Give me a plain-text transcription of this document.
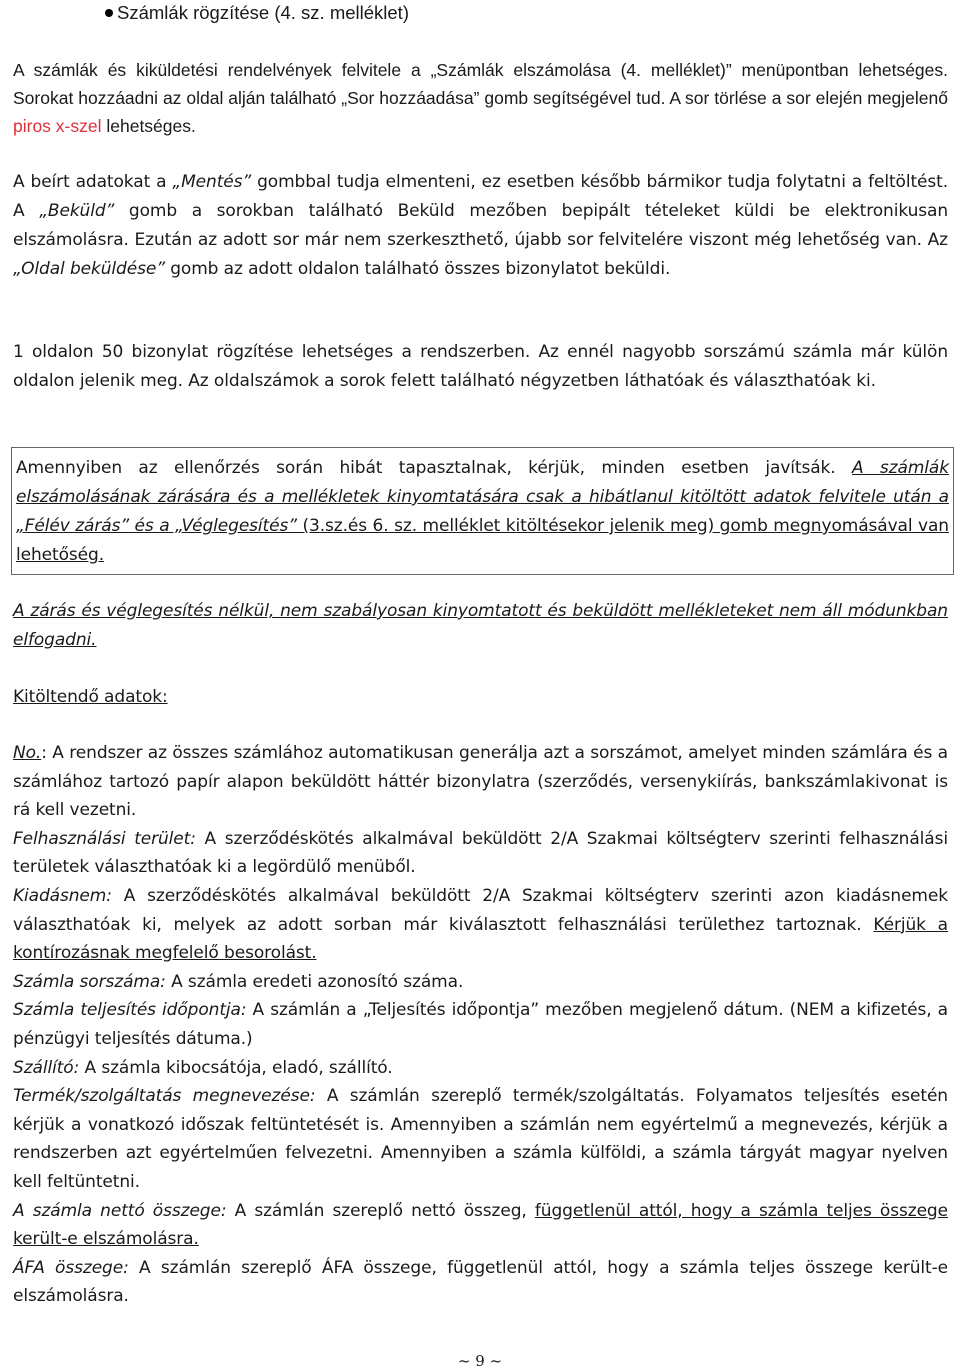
Számlák rögzítése (4. sz. melléklet)
A számlák és kiküldetési rendelvények felvitele a „Számlák elszámolása (4. melléklet)” menüpontban lehetséges. Sorokat hozzáadni az oldal alján található „Sor hozzáadása” gomb segítségével tud. A sor törlése a sor elején megjelenő piros x-szel lehetséges.
A beírt adatokat a „Mentés” gombbal tudja elmenteni, ez esetben később bármikor tudja folytatni a feltöltést. A „Beküld” gomb a sorokban található Beküld mezőben bepipált tételeket küldi be elektronikusan elszámolásra. Ezután az adott sor már nem szerkeszthető, újabb sor felvitelére viszont még lehetőség van. Az „Oldal beküldése” gomb az adott oldalon található összes bizonylatot beküldi.
1 oldalon 50 bizonylat rögzítése lehetséges a rendszerben. Az ennél nagyobb sorszámú számla már külön oldalon jelenik meg. Az oldalszámok a sorok felett található négyzetben láthatóak és választhatóak ki.
Amennyiben az ellenőrzés során hibát tapasztalnak, kérjük, minden esetben javítsák. A számlák elszámolásának zárására és a mellékletek kinyomtatására csak a hibátlanul kitöltött adatok felvitele után a „Félév zárás” és a „Véglegesítés” (3.sz.és 6. sz. melléklet kitöltésekor jelenik meg) gomb megnyomásával van lehetőség.
A zárás és véglegesítés nélkül, nem szabályosan kinyomtatott és beküldött mellékleteket nem áll módunkban elfogadni.
Kitöltendő adatok:
No.: A rendszer az összes számlához automatikusan generálja azt a sorszámot, amelyet minden számlára és a számlához tartozó papír alapon beküldött háttér bizonylatra (szerződés, versenykiírás, bankszámlakivonat is rá kell vezetni.
Felhasználási terület: A szerződéskötés alkalmával beküldött 2/A Szakmai költségterv szerinti felhasználási területek választhatóak ki a legördülő menüből.
Kiadásnem: A szerződéskötés alkalmával beküldött 2/A Szakmai költségterv szerinti azon kiadásnemek választhatóak ki, melyek az adott sorban már kiválasztott felhasználási területhez tartoznak. Kérjük a kontírozásnak megfelelő besorolást.
Számla sorszáma: A számla eredeti azonosító száma.
Számla teljesítés időpontja: A számlán a „Teljesítés időpontja” mezőben megjelenő dátum. (NEM a kifizetés, a pénzügyi teljesítés dátuma.)
Szállító: A számla kibocsátója, eladó, szállító.
Termék/szolgáltatás megnevezése: A számlán szereplő termék/szolgáltatás. Folyamatos teljesítés esetén kérjük a vonatkozó időszak feltüntetését is. Amennyiben a számlán nem egyértelmű a megnevezés, kérjük a rendszerben azt egyértelműen felvezetni. Amennyiben a számla külföldi, a számla tárgyát magyar nyelven kell feltüntetni.
A számla nettó összege: A számlán szereplő nettó összeg, függetlenül attól, hogy a számla teljes összege került-e elszámolásra.
ÁFA összege: A számlán szereplő ÁFA összege, függetlenül attól, hogy a számla teljes összege került-e elszámolásra.
~ 9 ~
